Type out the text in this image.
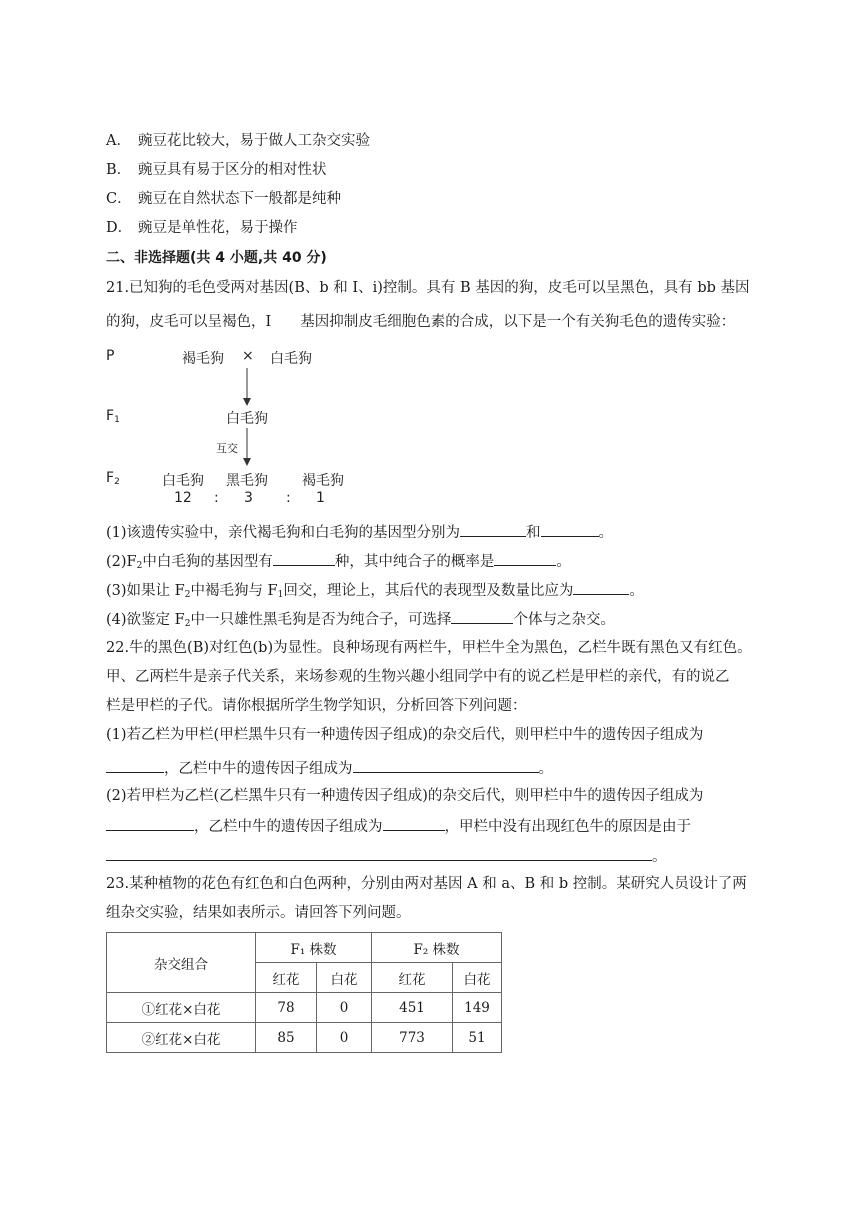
A． 豌豆花比较大，易于做人工杂交实验
B． 豌豆具有易于区分的相对性状
C． 豌豆在自然状态下一般都是纯种
D． 豌豆是单性花，易于操作
二、非选择题(共 4 小题,共 40 分)
21.已知狗的毛色受两对基因(B、b 和 I、i)控制。具有 B 基因的狗，皮毛可以呈黑色，具有 bb 基因
的狗，皮毛可以呈褐色，I　　基因抑制皮毛细胞色素的合成，以下是一个有关狗毛色的遗传实验：
P	褐毛狗 × 白毛狗
$F_1$	白毛狗
互交
$F_2$	白毛狗 黑毛狗 褐毛狗
12 : 3 : 1
(1)该遗传实验中，亲代褐毛狗和白毛狗的基因型分别为	和	。
$(2)F_2$中白毛狗的基因型有	种，其中纯合子的概率是	。
(3)如果让 $F_2$中褐毛狗与 $F_1$回交，理论上，其后代的表现型及数量比应为	。
(4)欲鉴定 $F_2$中一只雄性黑毛狗是否为纯合子，可选择	个体与之杂交。
22.牛的黑色(B)对红色(b)为显性。良种场现有两栏牛，甲栏牛全为黑色，乙栏牛既有黑色又有红色。
甲、乙两栏牛是亲子代关系，来场参观的生物兴趣小组同学中有的说乙栏是甲栏的亲代，有的说乙
栏是甲栏的子代。请你根据所学生物学知识，分析回答下列问题：
(1)若乙栏为甲栏(甲栏黑牛只有一种遗传因子组成)的杂交后代，则甲栏中牛的遗传因子组成为
，乙栏中牛的遗传因子组成为	。
(2)若甲栏为乙栏(乙栏黑牛只有一种遗传因子组成)的杂交后代，则甲栏中牛的遗传因子组成为
，乙栏中牛的遗传因子组成为	，甲栏中没有出现红色牛的原因是由于
。
23.某种植物的花色有红色和白色两种，分别由两对基因 A 和 a、B 和 b 控制。某研究人员设计了两
组杂交实验，结果如表所示。请回答下列问题。
杂交组合	F₁ 株数		F₂ 株数	
	红花	白花	红花	白花
①红花×白花	78	0	451	149
②红花×白花	85	0	773	51
